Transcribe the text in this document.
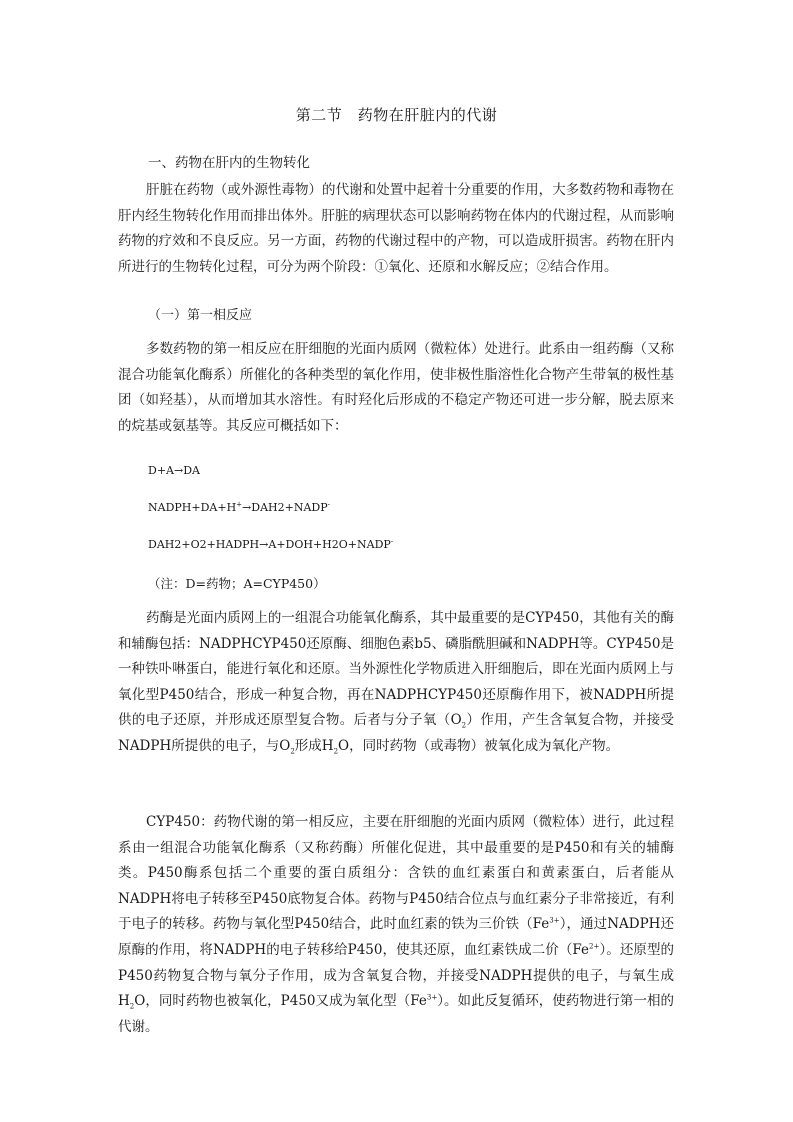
第二节　药物在肝脏内的代谢
一、药物在肝内的生物转化
肝脏在药物（或外源性毒物）的代谢和处置中起着十分重要的作用，大多数药物和毒物在肝内经生物转化作用而排出体外。肝脏的病理状态可以影响药物在体内的代谢过程，从而影响药物的疗效和不良反应。另一方面，药物的代谢过程中的产物，可以造成肝损害。药物在肝内所进行的生物转化过程，可分为两个阶段：①氧化、还原和水解反应；②结合作用。
（一）第一相反应
多数药物的第一相反应在肝细胞的光面内质网（微粒体）处进行。此系由一组药酶（又称混合功能氧化酶系）所催化的各种类型的氧化作用，使非极性脂溶性化合物产生带氧的极性基团（如羟基），从而增加其水溶性。有时羟化后形成的不稳定产物还可进一步分解，脱去原来的烷基或氨基等。其反应可概括如下：
D+A→DA
NADPH+DA+H+→DAH2+NADP-
DAH2+O2+HADPH→A+DOH+H2O+NADP-
（注：D=药物；A=CYP450）
药酶是光面内质网上的一组混合功能氧化酶系，其中最重要的是CYP450，其他有关的酶和辅酶包括：NADPHCYP450还原酶、细胞色素b5、磷脂酰胆碱和NADPH等。CYP450是一种铁卟啉蛋白，能进行氧化和还原。当外源性化学物质进入肝细胞后，即在光面内质网上与氧化型P450结合，形成一种复合物，再在NADPHCYP450还原酶作用下，被NADPH所提供的电子还原，并形成还原型复合物。后者与分子氧$(O_2)$作用，产生含氧复合物，并接受NADPH所提供的电子，与$O_2$形成$H_2O$，同时药物（或毒物）被氧化成为氧化产物。
CYP450：药物代谢的第一相反应，主要在肝细胞的光面内质网（微粒体）进行，此过程系由一组混合功能氧化酶系（又称药酶）所催化促进，其中最重要的是P450和有关的辅酶类。P450酶系包括二个重要的蛋白质组分：含铁的血红素蛋白和黄素蛋白，后者能从NADPH将电子转移至P450底物复合体。药物与P450结合位点与血红素分子非常接近，有利于电子的转移。药物与氧化型P450结合，此时血红素的铁为三价铁$(Fe^{3+})$，通过NADPH还原酶的作用，将NADPH的电子转移给P450，使其还原，血红素铁成二价$(Fe^{2+})$。还原型的P450药物复合物与氧分子作用，成为含氧复合物，并接受NADPH提供的电子，与氧生成$H_2O$，同时药物也被氧化，P450又成为氧化型$(Fe^{3+})$。如此反复循环，使药物进行第一相的代谢。
